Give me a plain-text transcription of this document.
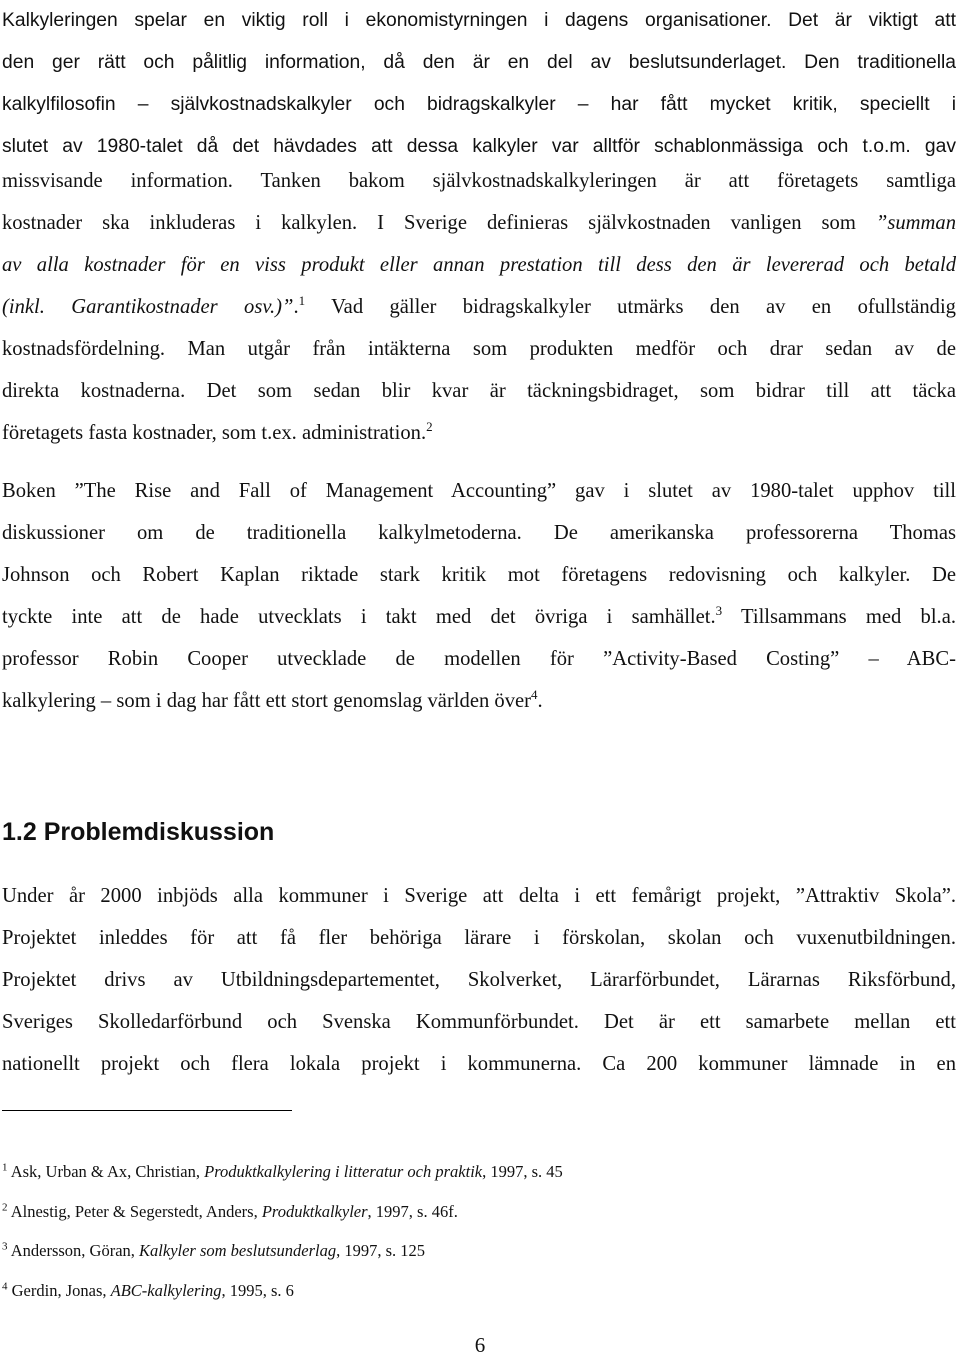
Kalkyleringen spelar en viktig roll i ekonomistyrningen i dagens organisationer. Det är viktigt att
den ger rätt och pålitlig information, då den är en del av beslutsunderlaget. Den traditionella
kalkylfilosofin – självkostnadskalkyler och bidragskalkyler – har fått mycket kritik, speciellt i
slutet av 1980-talet då det hävdades att dessa kalkyler var alltför schablonmässiga och t.o.m. gav
missvisande information. Tanken bakom självkostnadskalkyleringen är att företagets samtliga
kostnader ska inkluderas i kalkylen. I Sverige definieras självkostnaden vanligen som ”summan
av alla kostnader för en viss produkt eller annan prestation till dess den är levererad och betald
(inkl. Garantikostnader osv.)”.$^1$ Vad gäller bidragskalkyler utmärks den av en ofullständig
kostnadsfördelning. Man utgår från intäkterna som produkten medför och drar sedan av de
direkta kostnaderna. Det som sedan blir kvar är täckningsbidraget, som bidrar till att täcka
företagets fasta kostnader, som t.ex. administration.$^2$
Boken ”The Rise and Fall of Management Accounting” gav i slutet av 1980-talet upphov till
diskussioner om de traditionella kalkylmetoderna. De amerikanska professorerna Thomas
Johnson och Robert Kaplan riktade stark kritik mot företagens redovisning och kalkyler. De
tyckte inte att de hade utvecklats i takt med det övriga i samhället.$^3$ Tillsammans med bl.a.
professor Robin Cooper utvecklade de modellen för ”Activity-Based Costing” – ABC-
kalkylering – som i dag har fått ett stort genomslag världen över$^4$.
1.2 Problemdiskussion
Under år 2000 inbjöds alla kommuner i Sverige att delta i ett femårigt projekt, ”Attraktiv Skola”.
Projektet inleddes för att få fler behöriga lärare i förskolan, skolan och vuxenutbildningen.
Projektet drivs av Utbildningsdepartementet, Skolverket, Lärarförbundet, Lärarnas Riksförbund,
Sveriges Skolledarförbund och Svenska Kommunförbundet. Det är ett samarbete mellan ett
nationellt projekt och flera lokala projekt i kommunerna. Ca 200 kommuner lämnade in en
$^1$ Ask, Urban & Ax, Christian, Produktkalkylering i litteratur och praktik, 1997, s. 45
$^2$ Alnestig, Peter & Segerstedt, Anders, Produktkalkyler, 1997, s. 46f.
$^3$ Andersson, Göran, Kalkyler som beslutsunderlag, 1997, s. 125
$^4$ Gerdin, Jonas, ABC-kalkylering, 1995, s. 6
6
